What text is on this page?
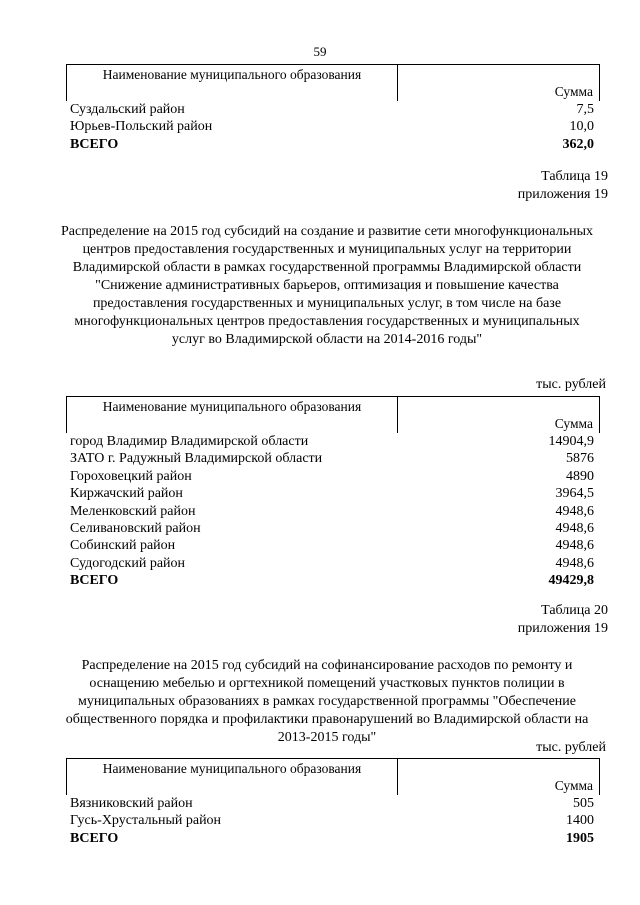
59
Наименование муниципального образования
Сумма
Суздальский район	7,5
Юрьев-Польский район	10,0
ВСЕГО	362,0
Таблица 19
приложения 19
Распределение на 2015 год субсидий на создание и развитие сети многофункциональных центров предоставления государственных и муниципальных услуг на территории Владимирской области в рамках государственной программы Владимирской области "Снижение административных барьеров, оптимизация и повышение качества предоставления государственных и муниципальных услуг, в том числе на базе многофункциональных центров предоставления государственных и муниципальных услуг во Владимирской области на 2014-2016 годы"
тыс. рублей
Наименование муниципального образования
Сумма
город Владимир Владимирской области	14904,9
ЗАТО г. Радужный Владимирской области	5876
Гороховецкий район	4890
Киржачский район	3964,5
Меленковский район	4948,6
Селивановский район	4948,6
Собинский район	4948,6
Судогодский район	4948,6
ВСЕГО	49429,8
Таблица 20
приложения 19
Распределение на 2015 год субсидий на софинансирование расходов по ремонту и оснащению мебелью и оргтехникой помещений участковых пунктов полиции в муниципальных образованиях в рамках государственной программы "Обеспечение общественного порядка и профилактики правонарушений во Владимирской области на 2013-2015 годы"
тыс. рублей
Наименование муниципального образования
Сумма
Вязниковский район	505
Гусь-Хрустальный район	1400
ВСЕГО	1905
